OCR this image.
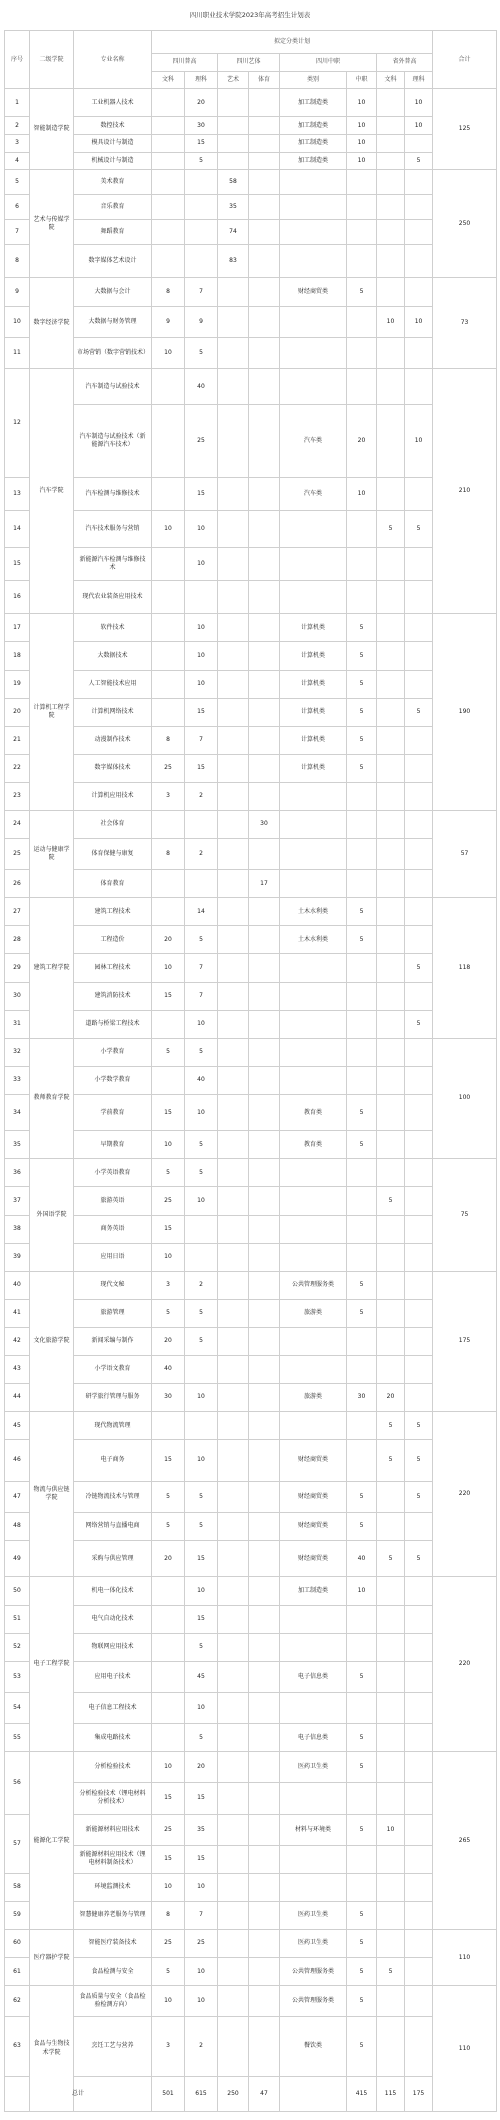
四川职业技术学院2023年高考招生计划表
序号	二级学院	专业名称	拟定分类计划								合计	
			四川普高		四川艺体		四川中职		省外普高			
			文科	理科	艺术	体育	类别	中职	文科	理科		
1	智能制造学院	工业机器人技术		20			加工制造类	10		10	125	
2		数控技术		30			加工制造类	10		10		
3		模具设计与制造		15			加工制造类	10				
4		机械设计与制造		5			加工制造类	10		5		
5	艺术与传媒学院	美术教育			58						250	
6		音乐教育			35							
7		舞蹈教育			74							
8		数字媒体艺术设计			83							
9	数字经济学院	大数据与会计	8	7			财经商贸类	5			73	
10		大数据与财务管理	9	9					10	10		
11		市场营销（数字营销技术）	10	5								
12	汽车学院	汽车制造与试验技术		40							210	
		汽车制造与试验技术（新能源汽车技术）		25			汽车类	20		10		
13		汽车检测与维修技术		15			汽车类	10				
14		汽车技术服务与营销	10	10					5	5		
15		新能源汽车检测与维修技术		10								
16		现代农业装备应用技术										
17	计算机工程学院	软件技术		10			计算机类	5			190	
18		大数据技术		10			计算机类	5				
19		人工智能技术应用		10			计算机类	5				
20		计算机网络技术		15			计算机类	5		5		
21		动漫制作技术	8	7			计算机类	5				
22		数字媒体技术	25	15			计算机类	5				
23		计算机应用技术	3	2								
24	运动与健康学院	社会体育				30					57	
25		体育保健与康复	8	2								
26		体育教育				17						
27	建筑工程学院	建筑工程技术		14			土木水利类	5			118	
28		工程造价	20	5			土木水利类	5				
29		园林工程技术	10	7						5		
30		建筑消防技术	15	7								
31		道路与桥梁工程技术		10						5		
32	教师教育学院	小学教育	5	5							100	
33		小学数学教育		40								
34		学前教育	15	10			教育类	5				
35		早期教育	10	5			教育类	5				
36	外国语学院	小学英语教育	5	5							75	
37		旅游英语	25	10					5			
38		商务英语	15									
39		应用日语	10									
40	文化旅游学院	现代文秘	3	2			公共管理服务类	5			175	
41		旅游管理	5	5			旅游类	5				
42		新闻采编与制作	20	5								
43		小学语文教育	40									
44		研学旅行管理与服务	30	10			旅游类	30	20			
45	物流与供应链学院	现代物流管理							5	5	220	
46		电子商务	15	10			财经商贸类		5	5		
47		冷链物流技术与管理	5	5			财经商贸类	5		5		
48		网络营销与直播电商	5	5			财经商贸类	5				
49		采购与供应管理	20	15			财经商贸类	40	5	5		
50	电子工程学院	机电一体化技术		10			加工制造类	10			220	
51		电气自动化技术		15								
52		物联网应用技术		5								
53		应用电子技术		45			电子信息类	5				
54		电子信息工程技术		10								
55		集成电路技术		5			电子信息类	5				
56	能源化工学院	分析检验技术	10	20			医药卫生类	5			265	
		分析检验技术（锂电材料分析技术）	15	15								
57		新能源材料应用技术	25	35			材料与环境类	5	10			
		新能源材料应用技术（锂电材料制备技术）	15	15								
58		环境监测技术	10	10								
59		智慧健康养老服务与管理	8	7			医药卫生类	5				
60	医疗器护学院	智能医疗装备技术	25	25			医药卫生类	5			110	
61		食品检测与安全	5	10			公共管理服务类	5	5			
62	食品与生物技术学院	食品质量与安全（食品检验检测方向）	10	10			公共管理服务类	5			110	
63		烹饪工艺与营养	3	2			餐饮类	5				
总计			501	615	250	47		415	115	175	
